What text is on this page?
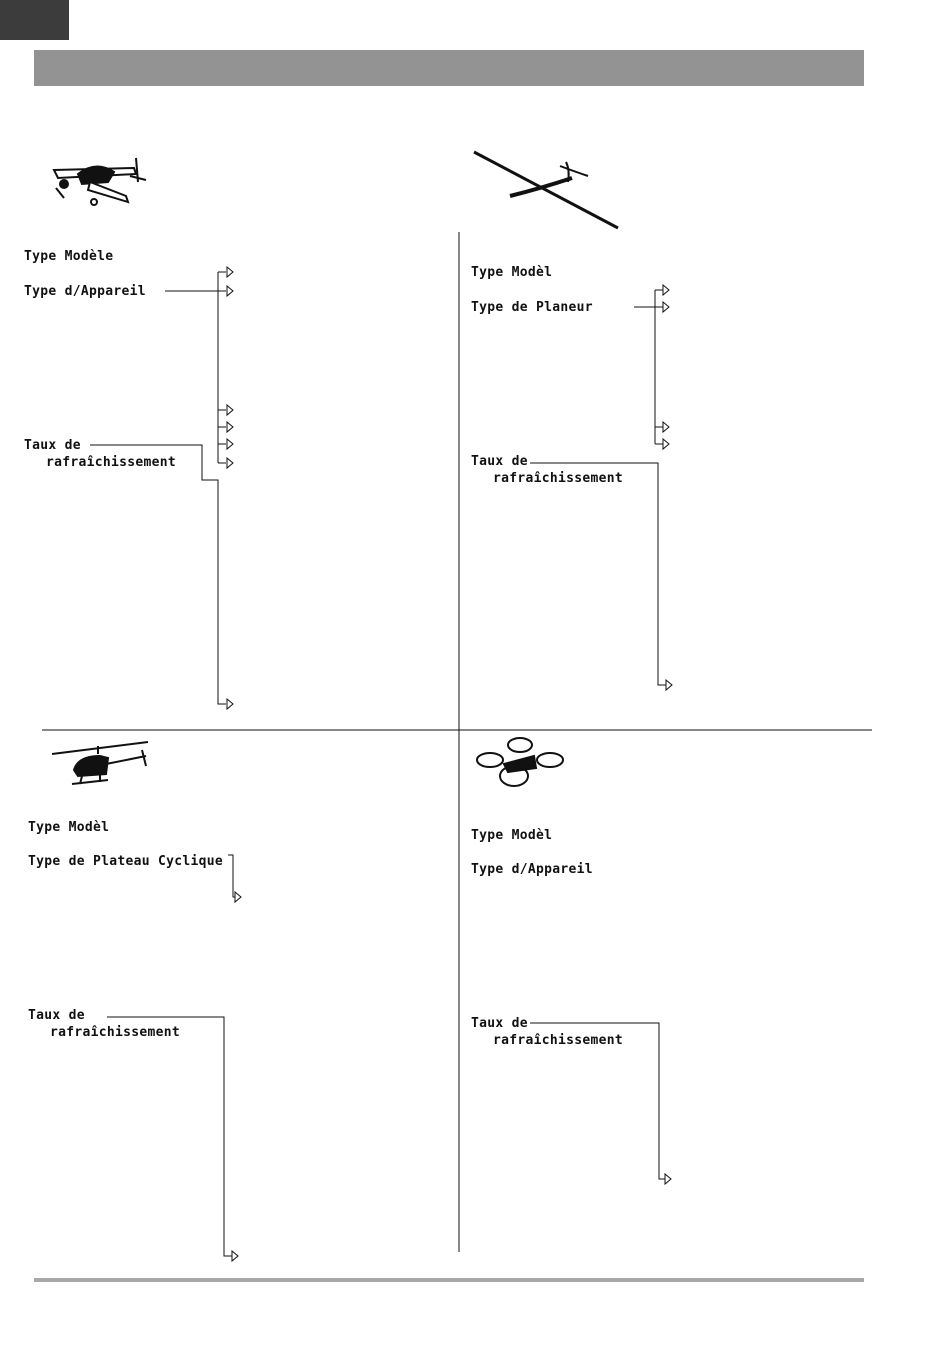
Type Modèle

Type d/Appareil

Taux de

rafraîchissement

Type Modèl

Type de Planeur

Taux de

rafraîchissement

Type Modèl

Type de Plateau Cyclique

Taux de

rafraîchissement

Type Modèl

Type d/Appareil

Taux de

rafraîchissement
